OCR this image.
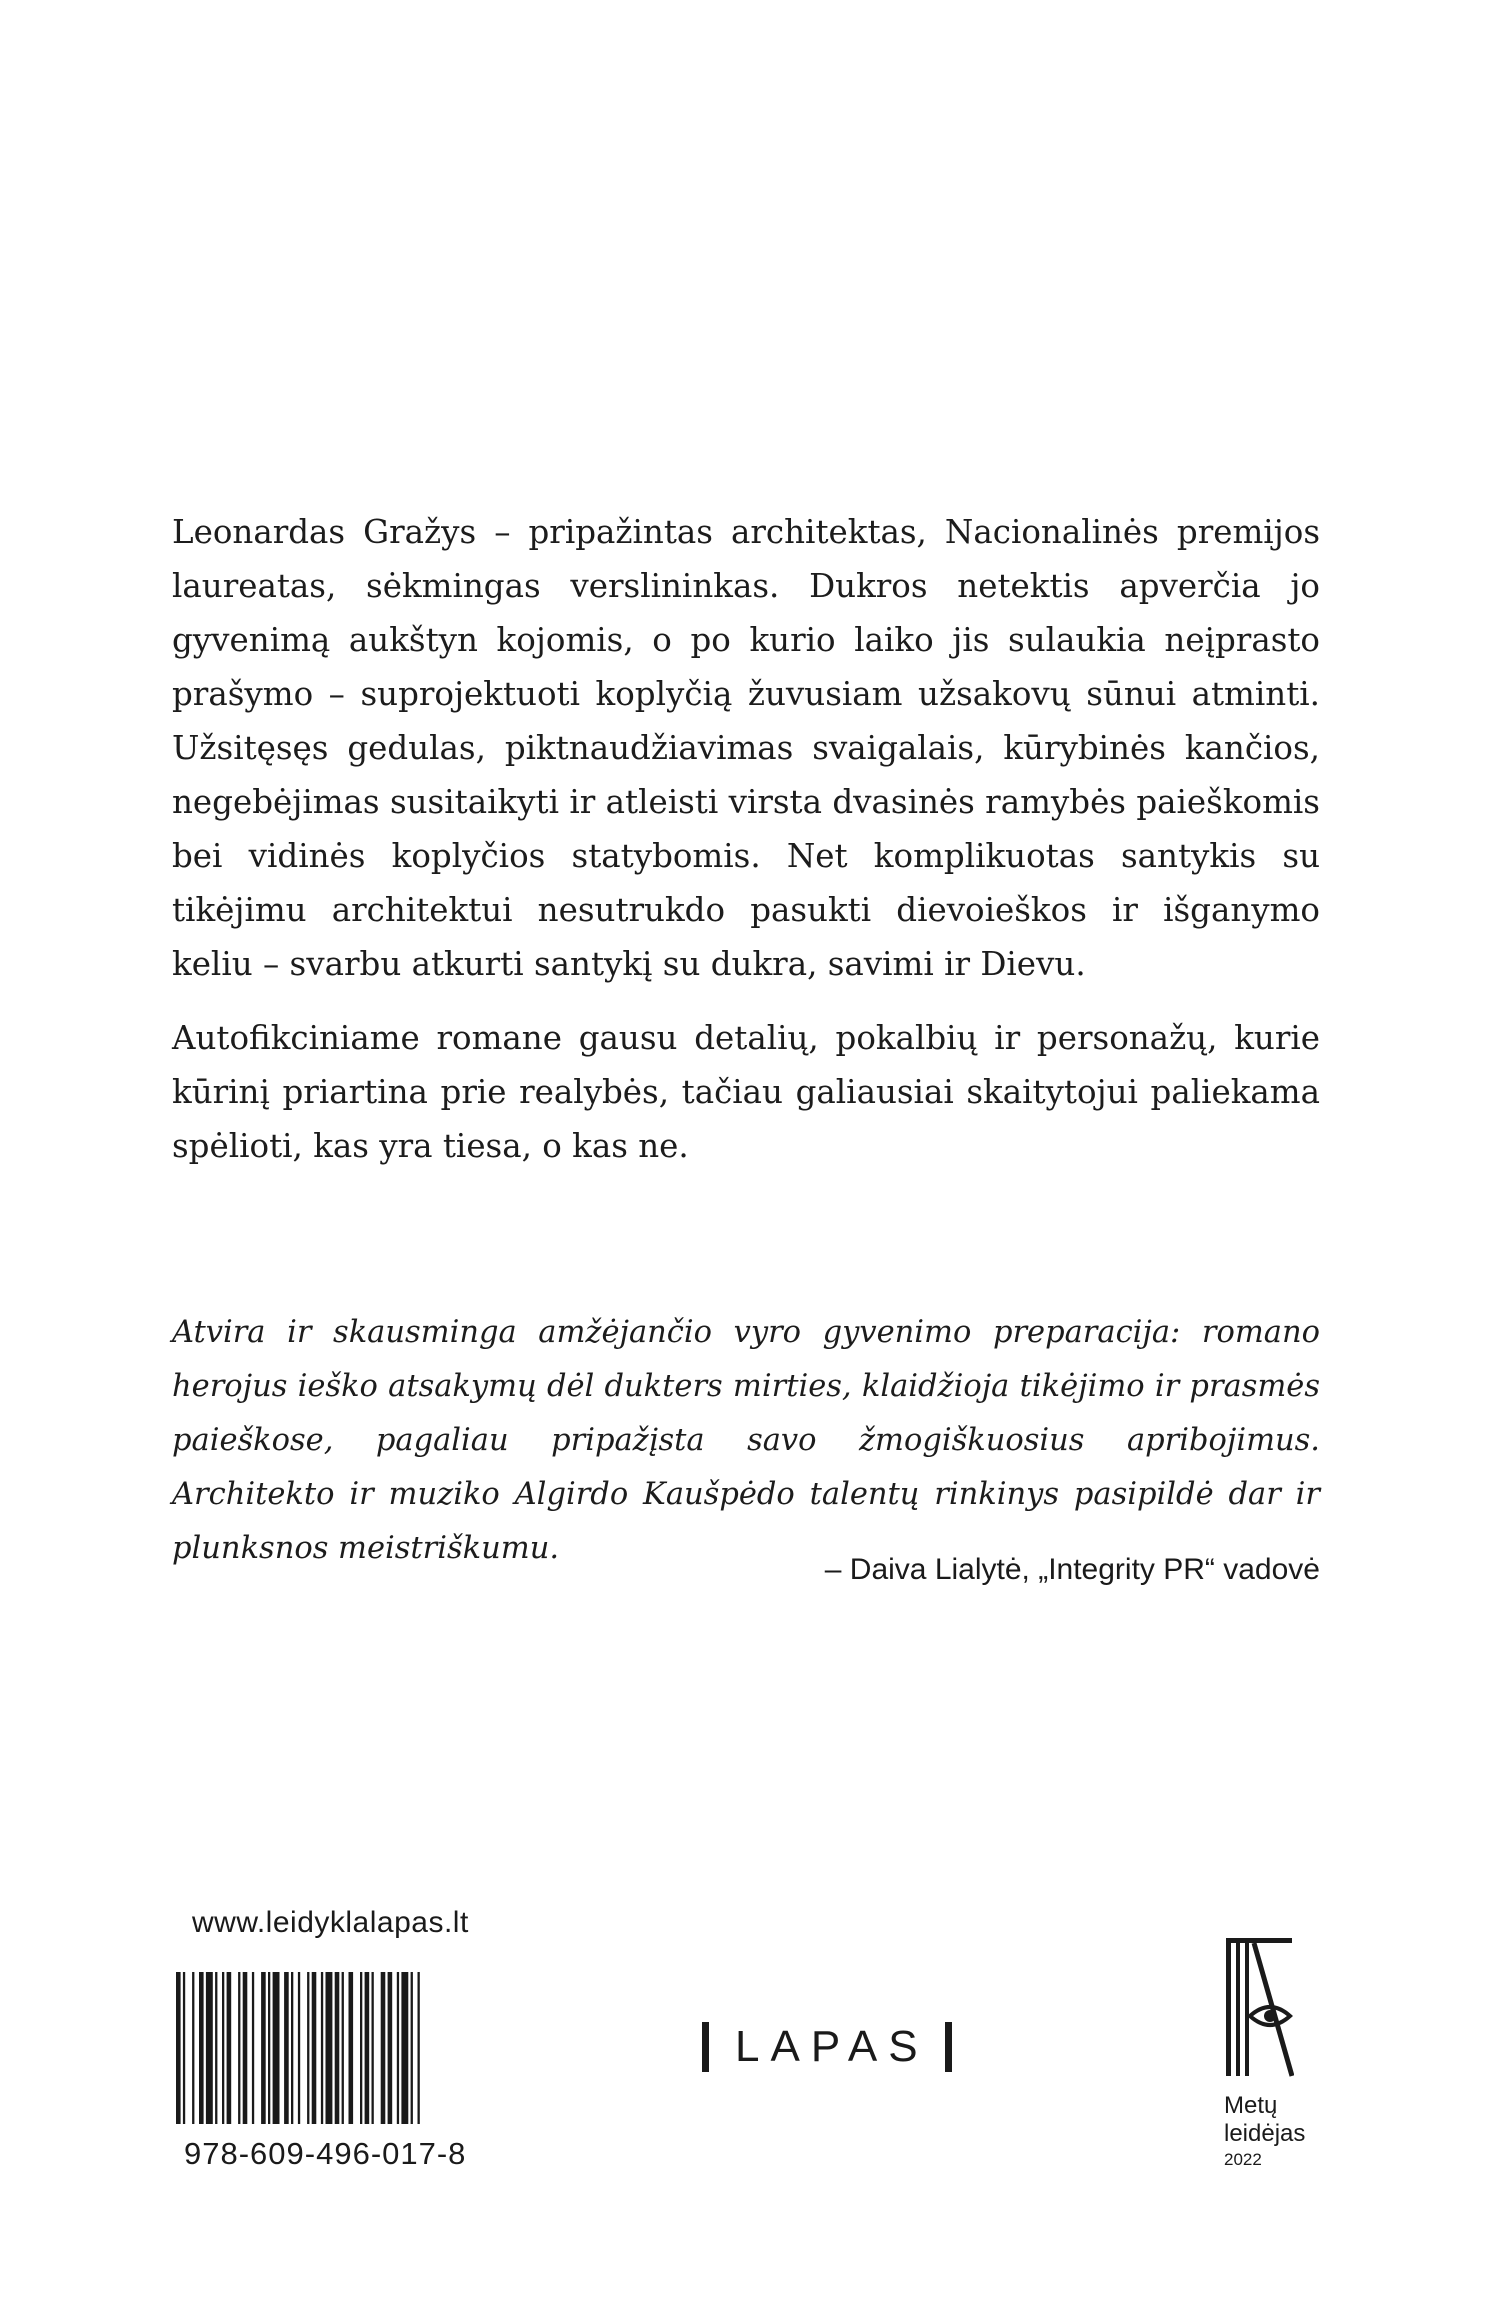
Leonardas Gražys – pripažintas architektas, Nacionalinės premijos laureatas, sėkmingas verslininkas. Dukros netektis apverčia jo gyvenimą aukštyn kojomis, o po kurio laiko jis sulaukia neįprasto prašymo – suprojektuoti koplyčią žuvusiam užsakovų sūnui atminti. Užsitęsęs gedulas, piktnaudžiavimas svaigalais, kūrybinės kančios, negebėjimas susitaikyti ir atleisti virsta dvasinės ramybės paieškomis bei vidinės koplyčios statybomis. Net komplikuotas santykis su tikėjimu architektui nesutrukdo pasukti dievoieškos ir išganymo keliu – svarbu atkurti santykį su dukra, savimi ir Dievu.

Autofikciniame romane gausu detalių, pokalbių ir personažų, kurie kūrinį priartina prie realybės, tačiau galiausiai skaitytojui paliekama spėlioti, kas yra tiesa, o kas ne.

Atvira ir skausminga amžėjančio vyro gyvenimo preparacija: romano herojus ieško atsakymų dėl dukters mirties, klaidžioja tikėjimo ir prasmės paieškose, pagaliau pripažįsta savo žmogiškuosius apribojimus. Architekto ir muziko Algirdo Kaušpėdo talentų rinkinys pasipildė dar ir plunksnos meistriškumu.
– Daiva Lialytė, „Integrity PR“ vadovė
www.leidyklalapas.lt
978-609-496-017-8
LAPAS
Metų
leidėjas
2022
